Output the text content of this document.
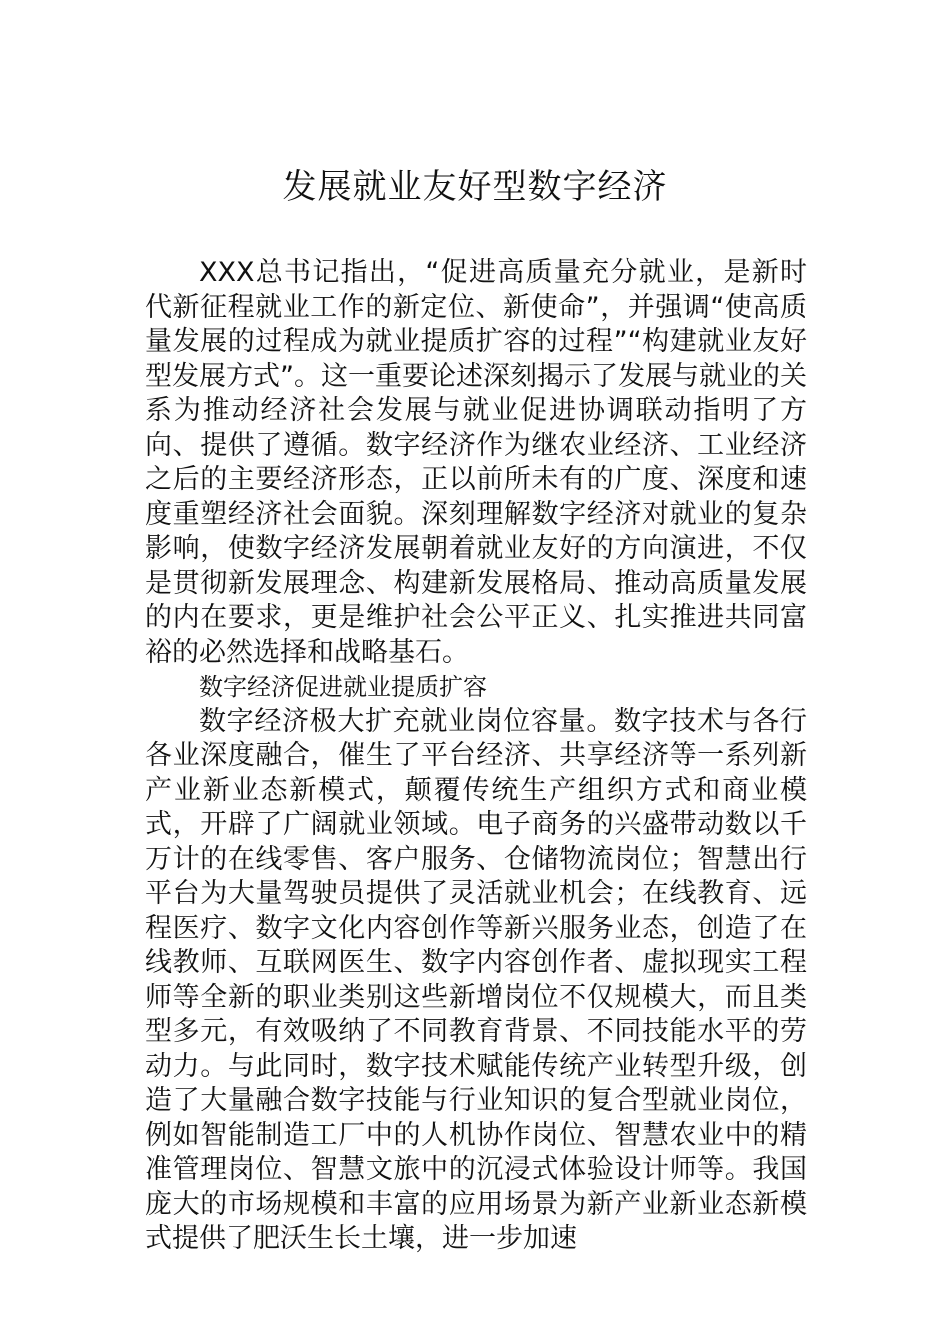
发展就业友好型数字经济

XXX总书记指出，“促进高质量充分就业，是新时代新征程就业工作的新定位、新使命”，并强调“使高质量发展的过程成为就业提质扩容的过程”“构建就业友好型发展方式”。这一重要论述深刻揭示了发展与就业的关系为推动经济社会发展与就业促进协调联动指明了方向、提供了遵循。数字经济作为继农业经济、工业经济之后的主要经济形态，正以前所未有的广度、深度和速度重塑经济社会面貌。深刻理解数字经济对就业的复杂影响，使数字经济发展朝着就业友好的方向演进，不仅是贯彻新发展理念、构建新发展格局、推动高质量发展的内在要求，更是维护社会公平正义、扎实推进共同富裕的必然选择和战略基石。

数字经济促进就业提质扩容

数字经济极大扩充就业岗位容量。数字技术与各行各业深度融合，催生了平台经济、共享经济等一系列新产业新业态新模式，颠覆传统生产组织方式和商业模式，开辟了广阔就业领域。电子商务的兴盛带动数以千万计的在线零售、客户服务、仓储物流岗位；智慧出行平台为大量驾驶员提供了灵活就业机会；在线教育、远程医疗、数字文化内容创作等新兴服务业态，创造了在线教师、互联网医生、数字内容创作者、虚拟现实工程师等全新的职业类别这些新增岗位不仅规模大，而且类型多元，有效吸纳了不同教育背景、不同技能水平的劳动力。与此同时，数字技术赋能传统产业转型升级，创造了大量融合数字技能与行业知识的复合型就业岗位，例如智能制造工厂中的人机协作岗位、智慧农业中的精准管理岗位、智慧文旅中的沉浸式体验设计师等。我国庞大的市场规模和丰富的应用场景为新产业新业态新模式提供了肥沃生长土壤，进一步加速
